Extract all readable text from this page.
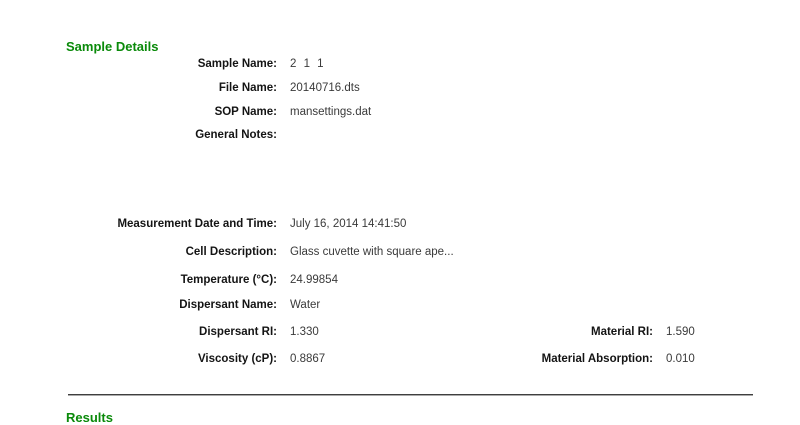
Sample Details
Sample Name: 2 1 1
File Name: 20140716.dts
SOP Name: mansettings.dat
General Notes:
Measurement Date and Time: July 16, 2014 14:41:50
Cell Description: Glass cuvette with square ape...
Temperature (°C): 24.99854
Dispersant Name: Water
Dispersant RI: 1.330
Viscosity (cP): 0.8867
Material RI: 1.590
Material Absorption: 0.010
Results
